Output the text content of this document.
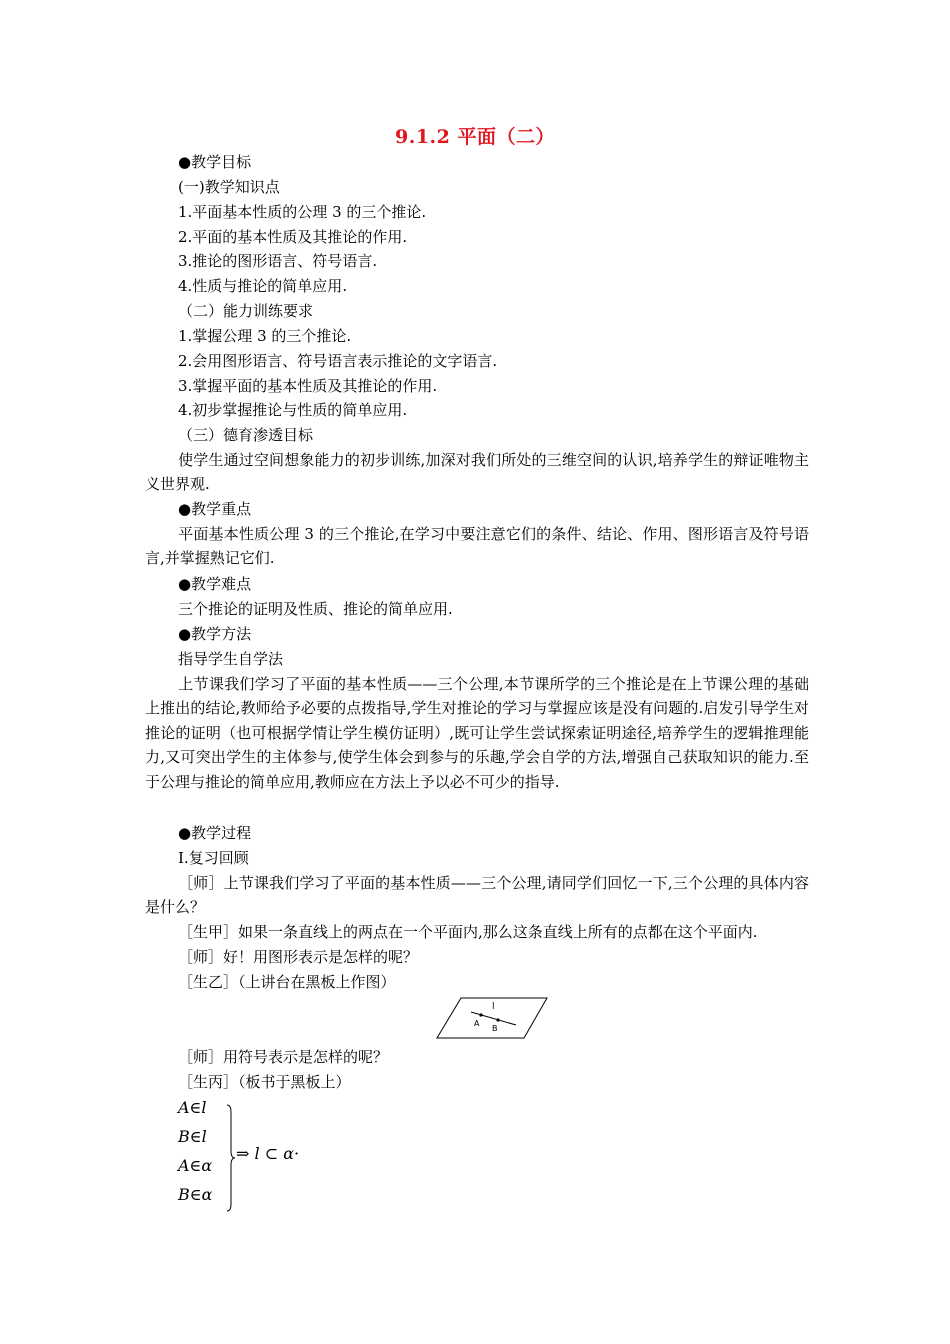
9.1.2 平面（二）
●教学目标
(一)教学知识点
1.平面基本性质的公理 3 的三个推论.
2.平面的基本性质及其推论的作用.
3.推论的图形语言、符号语言.
4.性质与推论的简单应用.
（二）能力训练要求
1.掌握公理 3 的三个推论.
2.会用图形语言、符号语言表示推论的文字语言.
3.掌握平面的基本性质及其推论的作用.
4.初步掌握推论与性质的简单应用.
（三）德育渗透目标
使学生通过空间想象能力的初步训练,加深对我们所处的三维空间的认识,培养学生的辩证唯物主义世界观.
●教学重点
平面基本性质公理 3 的三个推论,在学习中要注意它们的条件、结论、作用、图形语言及符号语言,并掌握熟记它们.
●教学难点
三个推论的证明及性质、推论的简单应用.
●教学方法
指导学生自学法
上节课我们学习了平面的基本性质——三个公理,本节课所学的三个推论是在上节课公理的基础上推出的结论,教师给予必要的点拨指导,学生对推论的学习与掌握应该是没有问题的.启发引导学生对推论的证明（也可根据学情让学生模仿证明）,既可让学生尝试探索证明途径,培养学生的逻辑推理能力,又可突出学生的主体参与,使学生体会到参与的乐趣,学会自学的方法,增强自己获取知识的能力.至于公理与推论的简单应用,教师应在方法上予以必不可少的指导.
●教学过程
Ⅰ.复习回顾
［师］上节课我们学习了平面的基本性质——三个公理,请同学们回忆一下,三个公理的具体内容是什么？
［生甲］如果一条直线上的两点在一个平面内,那么这条直线上所有的点都在这个平面内.
［师］好！用图形表示是怎样的呢？
［生乙］（上讲台在黑板上作图）
l
A
B
［师］用符号表示是怎样的呢？
［生丙］（板书于黑板上）
A∈l
B∈l
A∈α
B∈α
⇒ l ⊂ α·
